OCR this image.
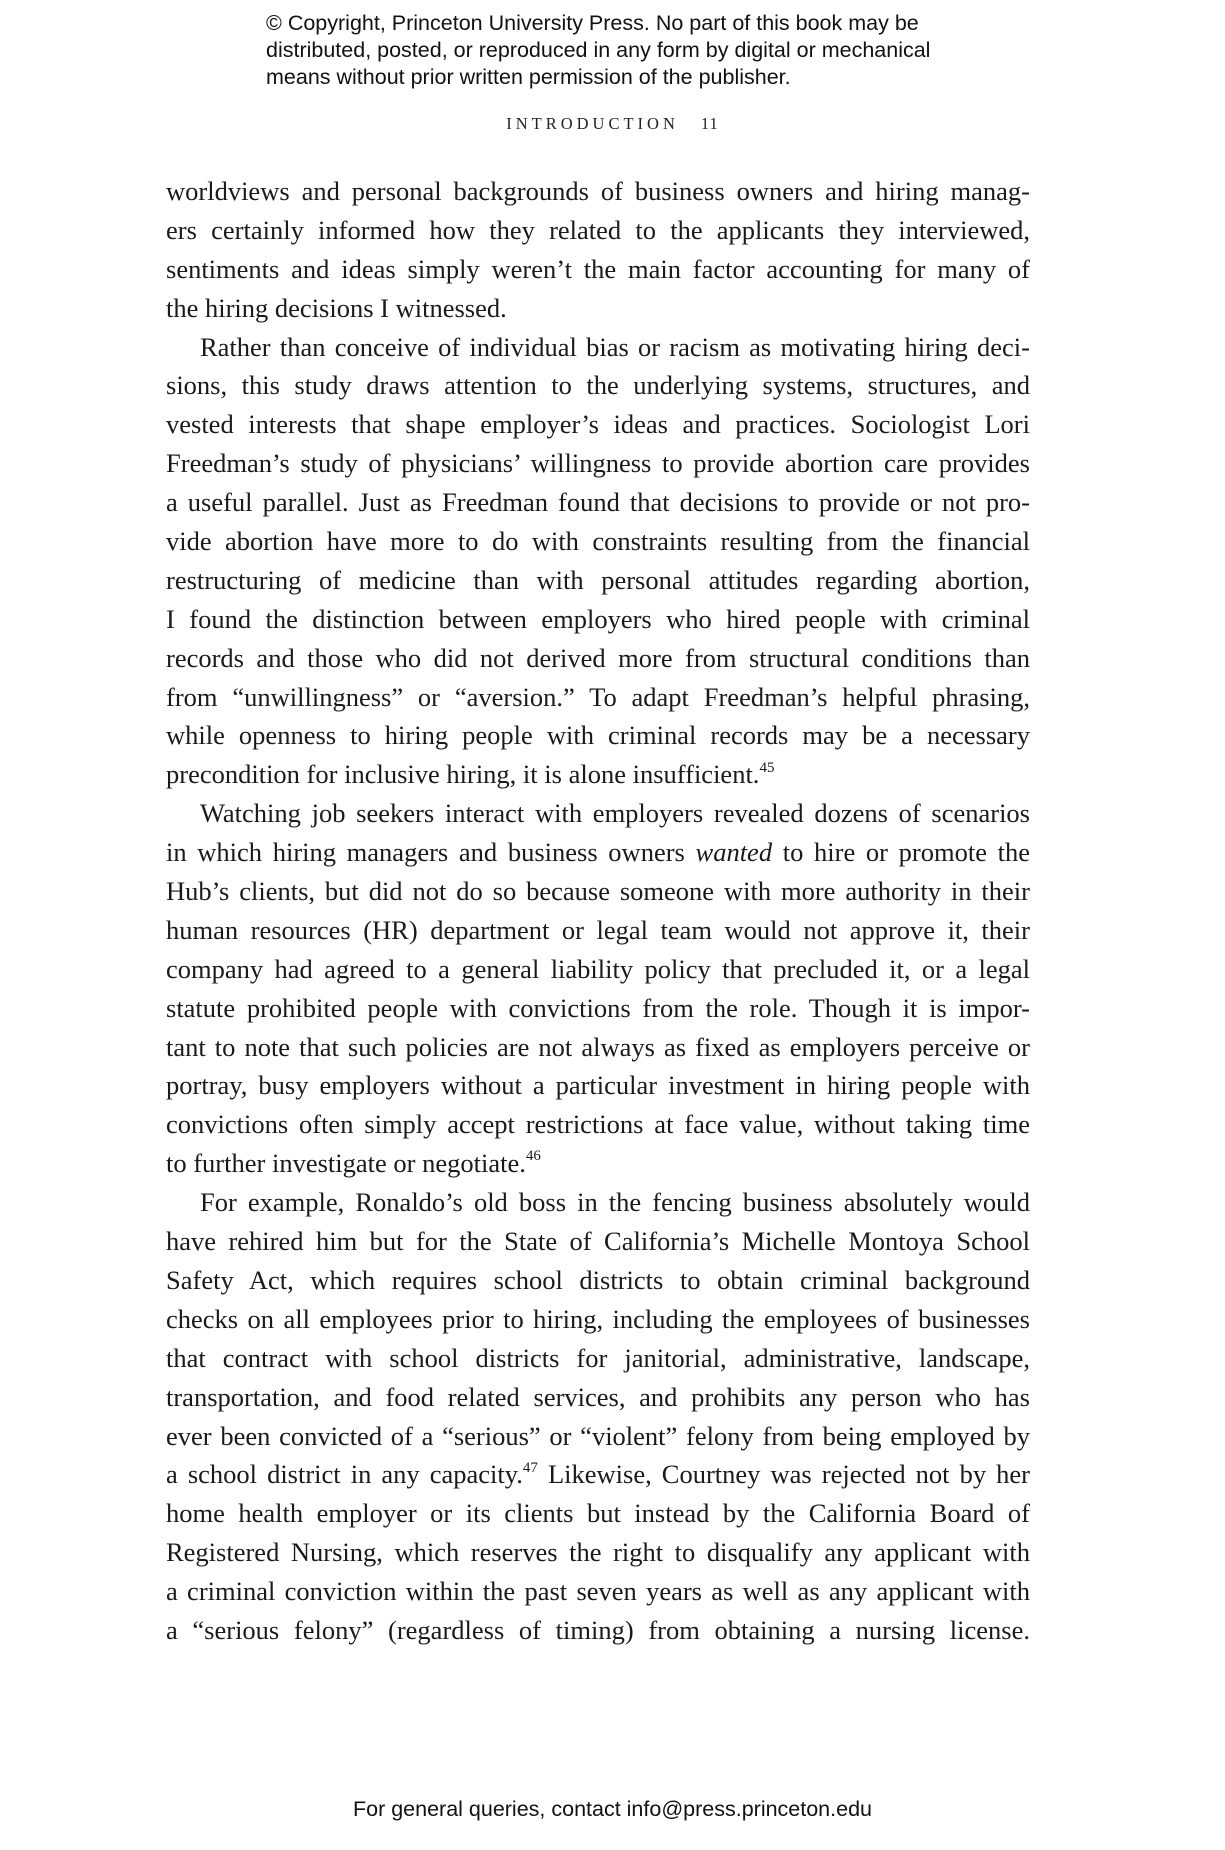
© Copyright, Princeton University Press. No part of this book may be
distributed, posted, or reproduced in any form by digital or mechanical
means without prior written permission of the publisher.
INTRODUCTION 11
worldviews and personal backgrounds of business owners and hiring manag-
ers certainly informed how they related to the applicants they interviewed,
sentiments and ideas simply weren’t the main factor accounting for many of
the hiring decisions I witnessed.
Rather than conceive of individual bias or racism as motivating hiring deci-
sions, this study draws attention to the underlying systems, structures, and
vested interests that shape employer’s ideas and practices. Sociologist Lori
Freedman’s study of physicians’ willingness to provide abortion care provides
a useful parallel. Just as Freedman found that decisions to provide or not pro-
vide abortion have more to do with constraints resulting from the financial
restructuring of medicine than with personal attitudes regarding abortion,
I found the distinction between employers who hired people with criminal
records and those who did not derived more from structural conditions than
from “unwillingness” or “aversion.” To adapt Freedman’s helpful phrasing,
while openness to hiring people with criminal records may be a necessary
precondition for inclusive hiring, it is alone insufficient.$^{45}$
Watching job seekers interact with employers revealed dozens of scenarios
in which hiring managers and business owners wanted to hire or promote the
Hub’s clients, but did not do so because someone with more authority in their
human resources (HR) department or legal team would not approve it, their
company had agreed to a general liability policy that precluded it, or a legal
statute prohibited people with convictions from the role. Though it is impor-
tant to note that such policies are not always as fixed as employers perceive or
portray, busy employers without a particular investment in hiring people with
convictions often simply accept restrictions at face value, without taking time
to further investigate or negotiate.$^{46}$
For example, Ronaldo’s old boss in the fencing business absolutely would
have rehired him but for the State of California’s Michelle Montoya School
Safety Act, which requires school districts to obtain criminal background
checks on all employees prior to hiring, including the employees of businesses
that contract with school districts for janitorial, administrative, landscape,
transportation, and food related services, and prohibits any person who has
ever been convicted of a “serious” or “violent” felony from being employed by
a school district in any capacity.$^{47}$ Likewise, Courtney was rejected not by her
home health employer or its clients but instead by the California Board of
Registered Nursing, which reserves the right to disqualify any applicant with
a criminal conviction within the past seven years as well as any applicant with
a “serious felony” (regardless of timing) from obtaining a nursing license.
For general queries, contact info@press.princeton.edu
